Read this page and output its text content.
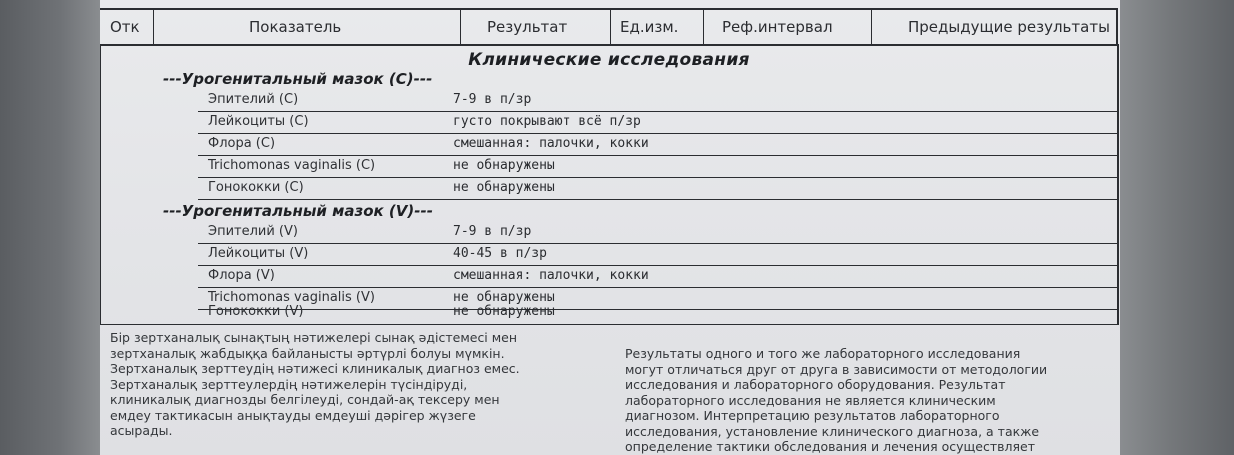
Отк	Показатель	Результат	Ед.изм.	Реф.интервал	Предыдущие результаты
Клинические исследования
---Урогенитальный мазок (C)---
Эпителий (C)	7-9 в п/зр
Лейкоциты (C)	густо покрывают всё п/зр
Флора (C)	смешанная: палочки, кокки
Trichomonas vaginalis (C)	не обнаружены
Гонококки (C)	не обнаружены
---Урогенитальный мазок (V)---
Эпителий (V)	7-9 в п/зр
Лейкоциты (V)	40-45 в п/зр
Флора (V)	смешанная: палочки, кокки
Trichomonas vaginalis (V)	не обнаружены
Гонококки (V)	не обнаружены
Бір зертханалық сынақтың нәтижелері сынақ әдістемесі мен
зертханалық жабдыққа байланысты әртүрлі болуы мүмкін.
Зертханалық зерттеудің нәтижесі клиникалық диагноз емес.
Зертханалық зерттеулердің нәтижелерін түсіндіруді,
клиникалық диагнозды белгілеуді, сондай-ақ тексеру мен
емдеу тактикасын анықтауды емдеуші дәрігер жүзеге
асырады.
Результаты одного и того же лабораторного исследования
могут отличаться друг от друга в зависимости от методологии
исследования и лабораторного оборудования. Результат
лабораторного исследования не является клиническим
диагнозом. Интерпретацию результатов лабораторного
исследования, установление клинического диагноза, а также
определение тактики обследования и лечения осуществляет
